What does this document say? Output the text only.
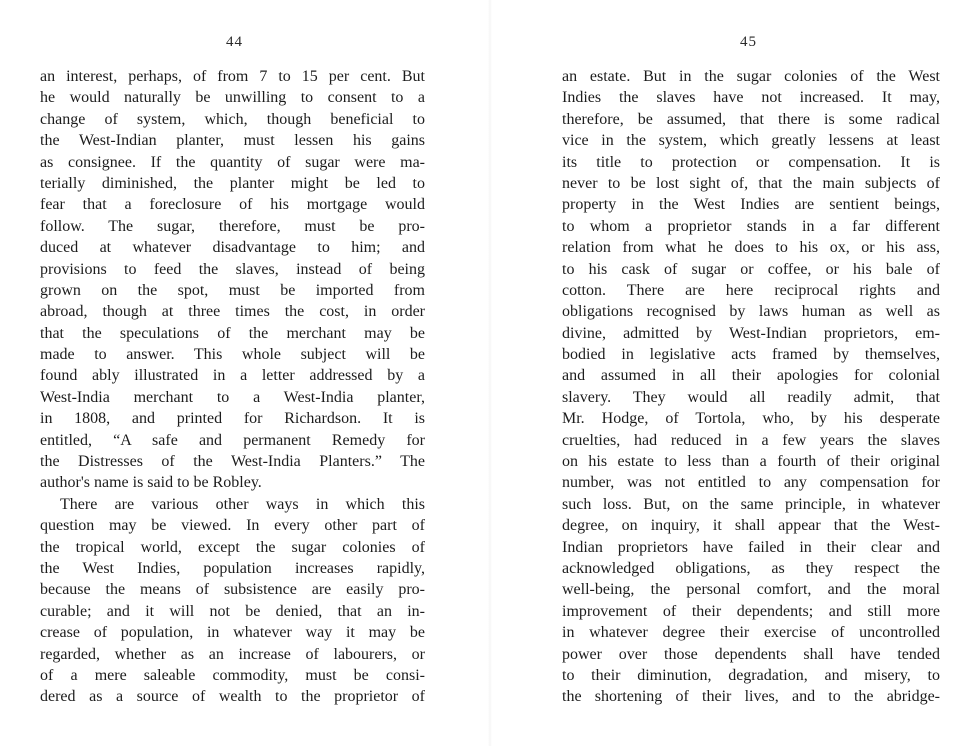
44
an interest, perhaps, of from 7 to 15 per cent. But
he would naturally be unwilling to consent to a
change of system, which, though beneficial to
the West-Indian planter, must lessen his gains
as consignee. If the quantity of sugar were ma-
terially diminished, the planter might be led to
fear that a foreclosure of his mortgage would
follow. The sugar, therefore, must be pro-
duced at whatever disadvantage to him; and
provisions to feed the slaves, instead of being
grown on the spot, must be imported from
abroad, though at three times the cost, in order
that the speculations of the merchant may be
made to answer. This whole subject will be
found ably illustrated in a letter addressed by a
West-India merchant to a West-India planter,
in 1808, and printed for Richardson. It is
entitled, “A safe and permanent Remedy for
the Distresses of the West-India Planters.” The
author's name is said to be Robley.
There are various other ways in which this
question may be viewed. In every other part of
the tropical world, except the sugar colonies of
the West Indies, population increases rapidly,
because the means of subsistence are easily pro-
curable; and it will not be denied, that an in-
crease of population, in whatever way it may be
regarded, whether as an increase of labourers, or
of a mere saleable commodity, must be consi-
dered as a source of wealth to the proprietor of
45
an estate. But in the sugar colonies of the West
Indies the slaves have not increased. It may,
therefore, be assumed, that there is some radical
vice in the system, which greatly lessens at least
its title to protection or compensation. It is
never to be lost sight of, that the main subjects of
property in the West Indies are sentient beings,
to whom a proprietor stands in a far different
relation from what he does to his ox, or his ass,
to his cask of sugar or coffee, or his bale of
cotton. There are here reciprocal rights and
obligations recognised by laws human as well as
divine, admitted by West-Indian proprietors, em-
bodied in legislative acts framed by themselves,
and assumed in all their apologies for colonial
slavery. They would all readily admit, that
Mr. Hodge, of Tortola, who, by his desperate
cruelties, had reduced in a few years the slaves
on his estate to less than a fourth of their original
number, was not entitled to any compensation for
such loss. But, on the same principle, in whatever
degree, on inquiry, it shall appear that the West-
Indian proprietors have failed in their clear and
acknowledged obligations, as they respect the
well-being, the personal comfort, and the moral
improvement of their dependents; and still more
in whatever degree their exercise of uncontrolled
power over those dependents shall have tended
to their diminution, degradation, and misery, to
the shortening of their lives, and to the abridge-
